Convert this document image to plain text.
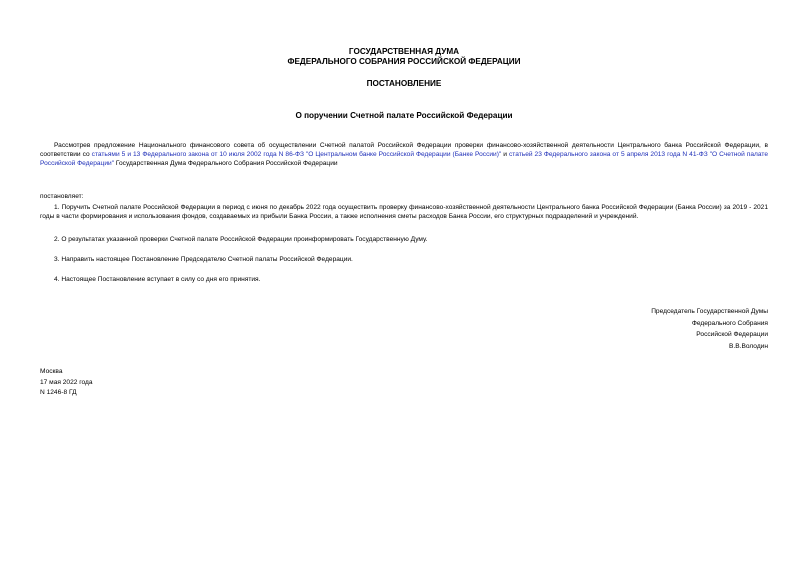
ГОСУДАРСТВЕННАЯ ДУМА
ФЕДЕРАЛЬНОГО СОБРАНИЯ РОССИЙСКОЙ ФЕДЕРАЦИИ
ПОСТАНОВЛЕНИЕ
О поручении Счетной палате Российской Федерации

Рассмотрев предложение Национального финансового совета об осуществлении Счетной палатой Российской Федерации проверки финансово-хозяйственной деятельности Центрального банка Российской Федерации, в соответствии со статьями 5 и 13 Федерального закона от 10 июля 2002 года N 86-ФЗ "О Центральном банке Российской Федерации (Банке России)" и статьей 23 Федерального закона от 5 апреля 2013 года N 41-ФЗ "О Счетной палате Российской Федерации" Государственная Дума Федерального Собрания Российской Федерации

постановляет:

1. Поручить Счетной палате Российской Федерации в период с июня по декабрь 2022 года осуществить проверку финансово-хозяйственной деятельности Центрального банка Российской Федерации (Банка России) за 2019 - 2021 годы в части формирования и использования фондов, создаваемых из прибыли Банка России, а также исполнения сметы расходов Банка России, его структурных подразделений и учреждений.

2. О результатах указанной проверки Счетной палате Российской Федерации проинформировать Государственную Думу.

3. Направить настоящее Постановление Председателю Счетной палаты Российской Федерации.

4. Настоящее Постановление вступает в силу со дня его принятия.

Председатель Государственной Думы
Федерального Собрания
Российской Федерации
В.В.Володин
Москва
17 мая 2022 года
N 1246-8 ГД
